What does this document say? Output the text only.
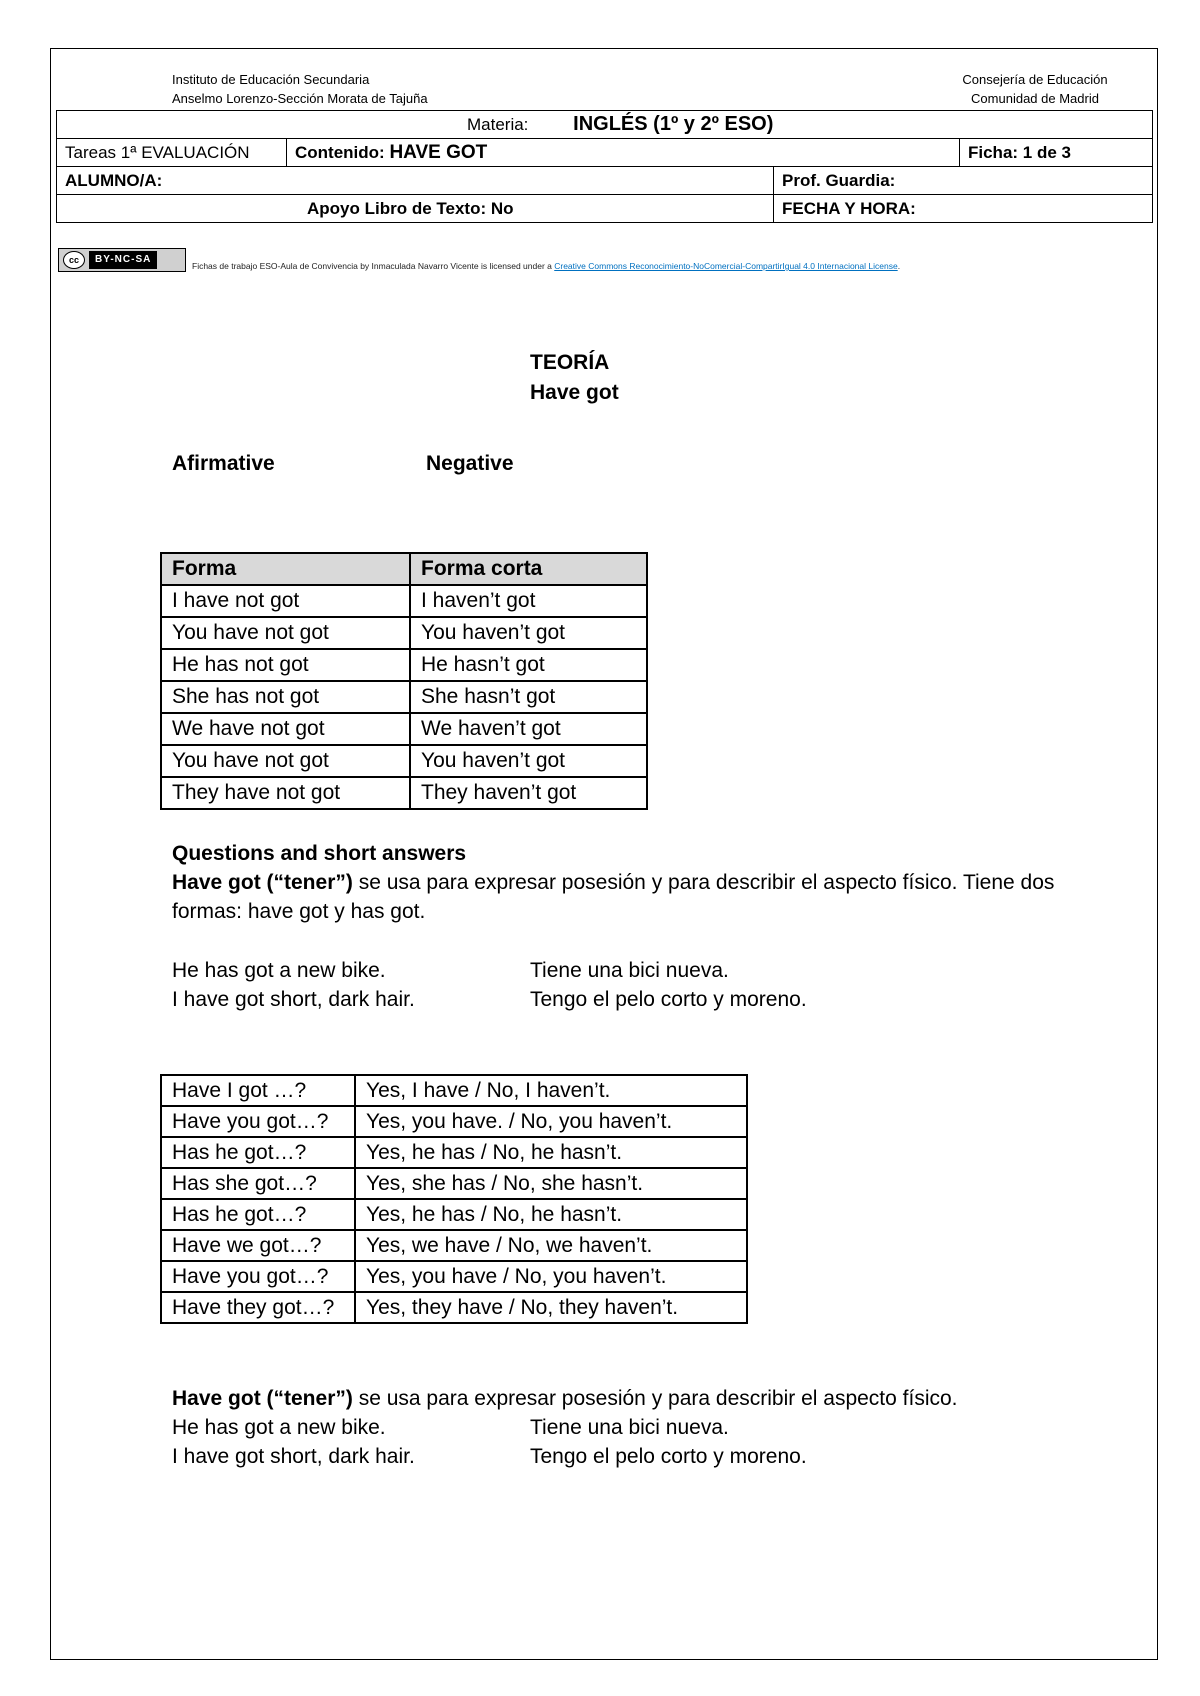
Instituto de Educación Secundaria
Anselmo Lorenzo-Sección Morata de Tajuña
Consejería de Educación
Comunidad de Madrid
Materia: INGLÉS (1º y 2º ESO)			
Tareas 1ª EVALUACIÓN	Contenido: HAVE GOT		Ficha: 1 de 3
ALUMNO/A:		Prof. Guardia:	
Apoyo Libro de Texto: No		FECHA Y HORA:	
cc	BY-NC-SA
Fichas de trabajo ESO-Aula de Convivencia by Inmaculada Navarro Vicente is licensed under a Creative Commons Reconocimiento-NoComercial-CompartirIgual 4.0 Internacional License.
TEORÍA
Have got
Afirmative	Negative
Forma	Forma corta
I have not got	I haven’t got
You have not got	You haven’t got
He has not got	He hasn’t got
She has not got	She hasn’t got
We have not got	We haven’t got
You have not got	You haven’t got
They have not got	They haven’t got
Questions and short answers
Have got (“tener”) se usa para expresar posesión y para describir el aspecto físico. Tiene dos formas: have got y has got.
He has got a new bike.	Tiene una bici nueva.
I have got short, dark hair.	Tengo el pelo corto y moreno.
Have I got …?	Yes, I have / No, I haven’t.
Have you got…?	Yes, you have. / No, you haven’t.
Has he got…?	Yes, he has / No, he hasn’t.
Has she got…?	Yes, she has / No, she hasn’t.
Has he got…?	Yes, he has / No, he hasn’t.
Have we got…?	Yes, we have / No, we haven’t.
Have you got…?	Yes, you have / No, you haven’t.
Have they got…?	Yes, they have / No, they haven’t.
Have got (“tener”) se usa para expresar posesión y para describir el aspecto físico.
He has got a new bike.	Tiene una bici nueva.
I have got short, dark hair.	Tengo el pelo corto y moreno.
